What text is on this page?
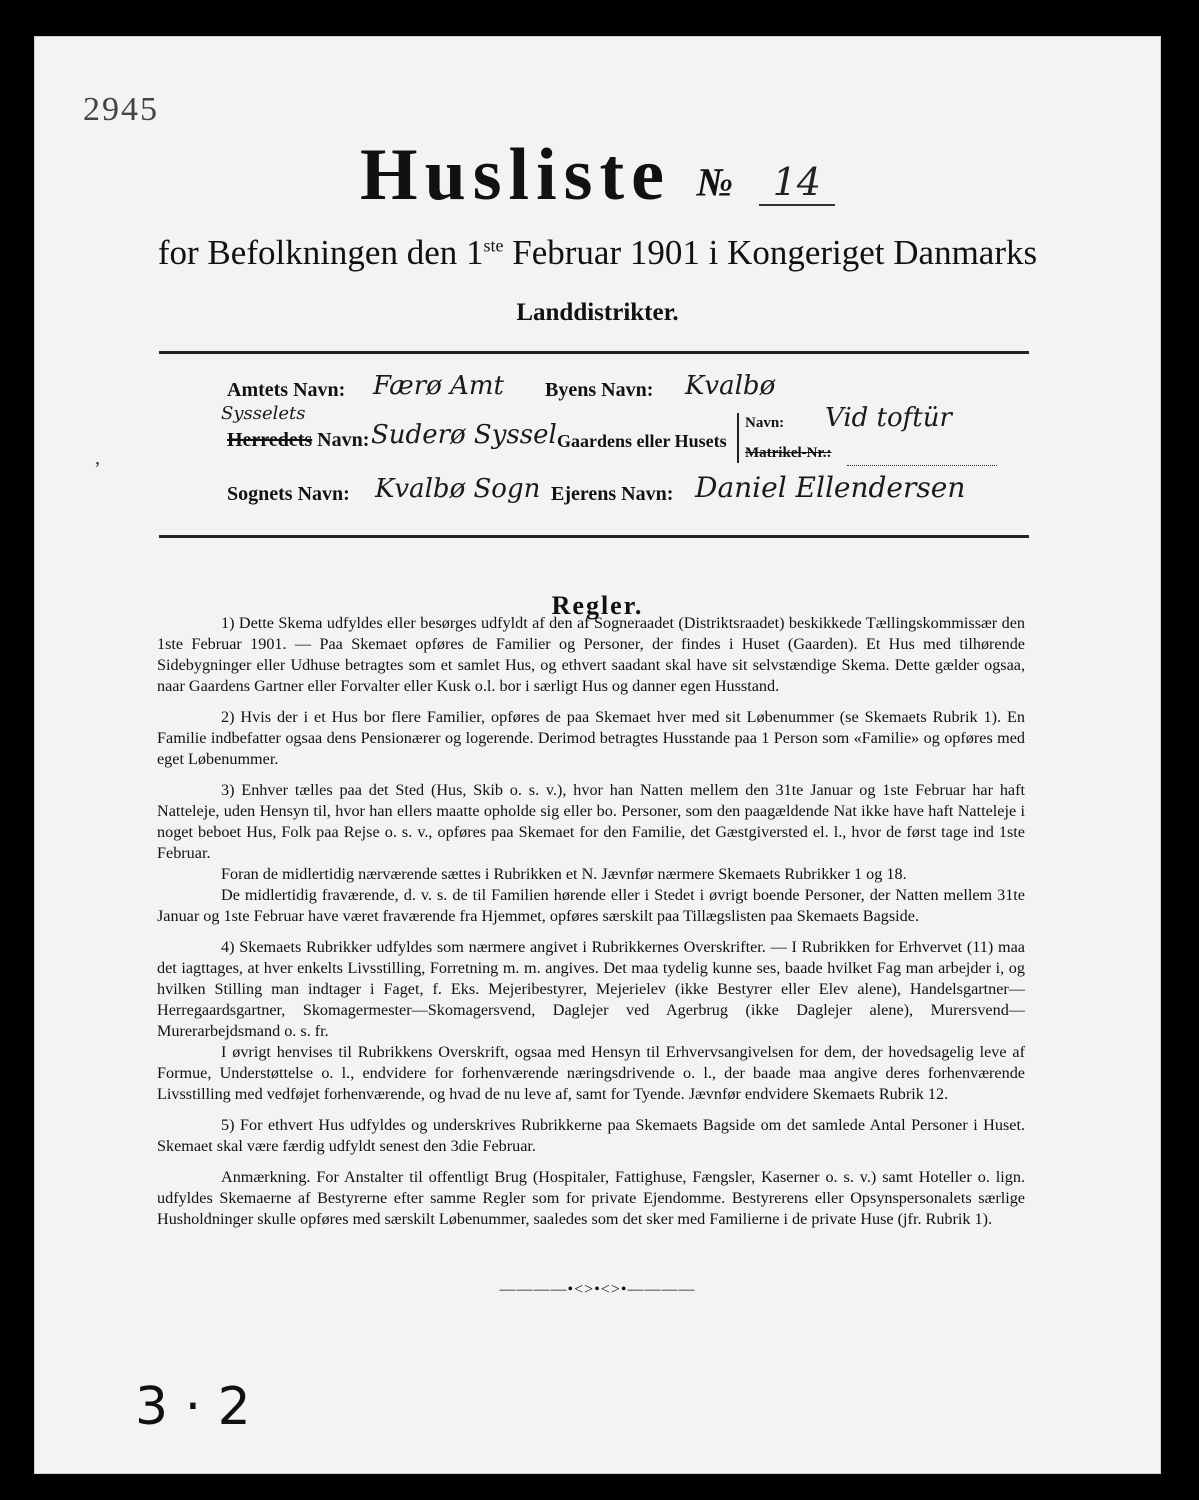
2945
Husliste № 14
for Befolkningen den 1ste Februar 1901 i Kongeriget Danmarks
Landdistrikter.
Amtets Navn: Færø Amt Byens Navn: Kvalbø
Sysselets
Herredets Navn: Suderø Syssel Gaardens eller Husets
Navn: Vid toftür
Matrikel-Nr.:
Sognets Navn: Kvalbø Sogn Ejerens Navn: Daniel Ellendersen
,
Regler.

1) Dette Skema udfyldes eller besørges udfyldt af den af Sogneraadet (Distriktsraadet) beskikkede Tællingskommissær den 1ste Februar 1901. — Paa Skemaet opføres de Familier og Personer, der findes i Huset (Gaarden). Et Hus med tilhørende Sidebygninger eller Udhuse betragtes som et samlet Hus, og ethvert saadant skal have sit selvstændige Skema. Dette gælder ogsaa, naar Gaardens Gartner eller Forvalter eller Kusk o.l. bor i særligt Hus og danner egen Husstand.

2) Hvis der i et Hus bor flere Familier, opføres de paa Skemaet hver med sit Løbenummer (se Skemaets Rubrik 1). En Familie indbefatter ogsaa dens Pensionærer og logerende. Derimod betragtes Husstande paa 1 Person som «Familie» og opføres med eget Løbenummer.

3) Enhver tælles paa det Sted (Hus, Skib o. s. v.), hvor han Natten mellem den 31te Januar og 1ste Februar har haft Natteleje, uden Hensyn til, hvor han ellers maatte opholde sig eller bo. Personer, som den paagældende Nat ikke have haft Natteleje i noget beboet Hus, Folk paa Rejse o. s. v., opføres paa Skemaet for den Familie, det Gæstgiversted el. l., hvor de først tage ind 1ste Februar.

Foran de midlertidig nærværende sættes i Rubrikken et N. Jævnfør nærmere Skemaets Rubrikker 1 og 18.

De midlertidig fraværende, d. v. s. de til Familien hørende eller i Stedet i øvrigt boende Personer, der Natten mellem 31te Januar og 1ste Februar have været fraværende fra Hjemmet, opføres særskilt paa Tillægslisten paa Skemaets Bagside.

4) Skemaets Rubrikker udfyldes som nærmere angivet i Rubrikkernes Overskrifter. — I Rubrikken for Erhvervet (11) maa det iagttages, at hver enkelts Livsstilling, Forretning m. m. angives. Det maa tydelig kunne ses, baade hvilket Fag man arbejder i, og hvilken Stilling man indtager i Faget, f. Eks. Mejeribestyrer, Mejerielev (ikke Bestyrer eller Elev alene), Handelsgartner—Herregaardsgartner, Skomagermester—Skomagersvend, Daglejer ved Agerbrug (ikke Daglejer alene), Murersvend—Murerarbejdsmand o. s. fr.

I øvrigt henvises til Rubrikkens Overskrift, ogsaa med Hensyn til Erhvervsangivelsen for dem, der hovedsagelig leve af Formue, Understøttelse o. l., endvidere for forhenværende næringsdrivende o. l., der baade maa angive deres forhenværende Livsstilling med vedføjet forhenværende, og hvad de nu leve af, samt for Tyende. Jævnfør endvidere Skemaets Rubrik 12.

5) For ethvert Hus udfyldes og underskrives Rubrikkerne paa Skemaets Bagside om det samlede Antal Personer i Huset. Skemaet skal være færdig udfyldt senest den 3die Februar.

Anmærkning. For Anstalter til offentligt Brug (Hospitaler, Fattighuse, Fængsler, Kaserner o. s. v.) samt Hoteller o. lign. udfyldes Skemaerne af Bestyrerne efter samme Regler som for private Ejendomme. Bestyrerens eller Opsynspersonalets særlige Husholdninger skulle opføres med særskilt Løbenummer, saaledes som det sker med Familierne i de private Huse (jfr. Rubrik 1).

————•<>•<>•————
3 · 2
